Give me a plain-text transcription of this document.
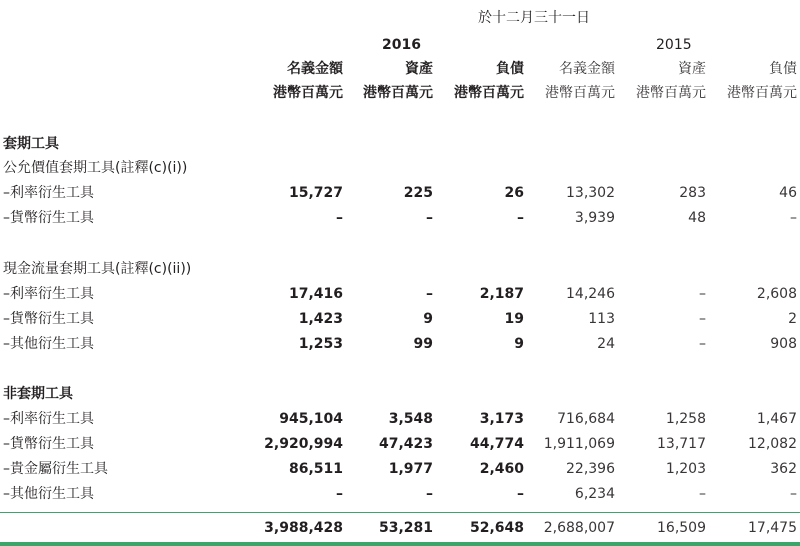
於十二月三十一日
2016	2015
名義金額	資產	負債	名義金額	資產	負債
港幣百萬元	港幣百萬元	港幣百萬元	港幣百萬元	港幣百萬元	港幣百萬元
套期工具
公允價值套期工具(註釋(c)(i))
現金流量套期工具(註釋(c)(ii))
非套期工具
–利率衍生工具	15,727	225	26	13,302	283	46
–貨幣衍生工具	–	–	–	3,939	48	–
–利率衍生工具	17,416	–	2,187	14,246	–	2,608
–貨幣衍生工具	1,423	9	19	113	–	2
–其他衍生工具	1,253	99	9	24	–	908
–利率衍生工具	945,104	3,548	3,173	716,684	1,258	1,467
–貨幣衍生工具	2,920,994	47,423	44,774	1,911,069	13,717	12,082
–貴金屬衍生工具	86,511	1,977	2,460	22,396	1,203	362
–其他衍生工具	–	–	–	6,234	–	–
3,988,428	53,281	52,648	2,688,007	16,509	17,475
